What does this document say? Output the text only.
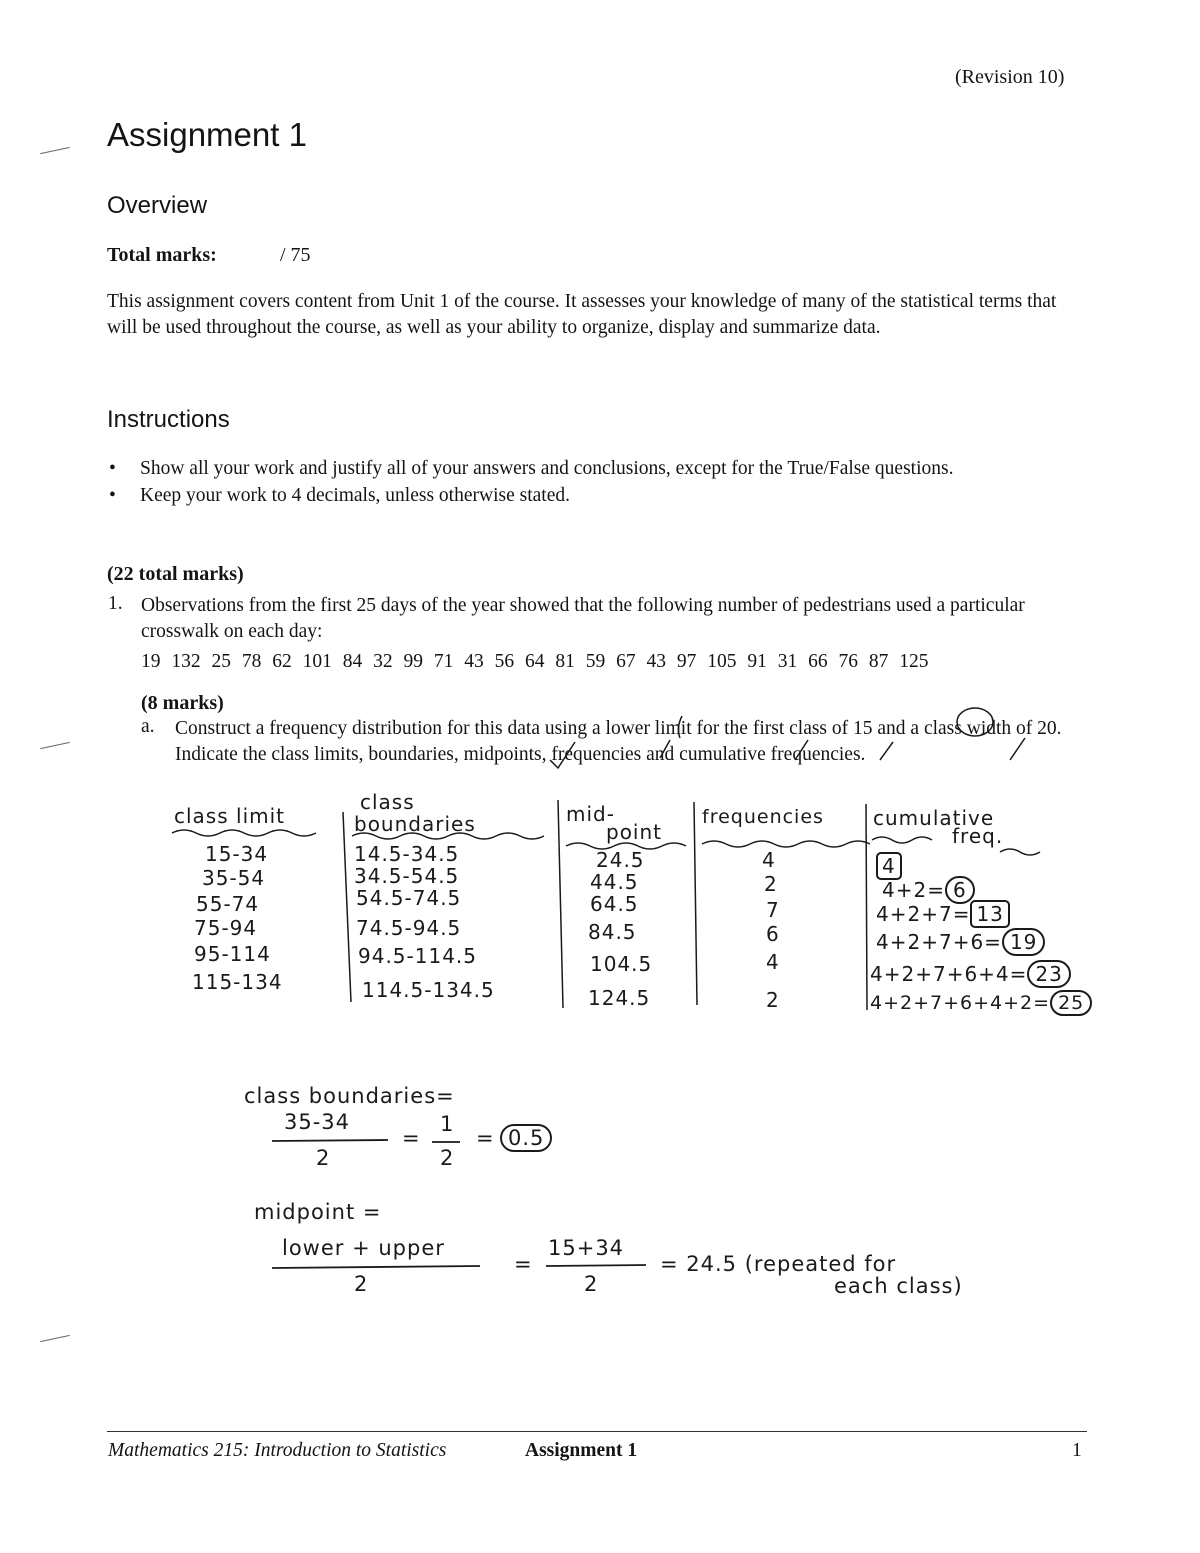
(Revision 10)
Assignment 1
Overview
Total marks:	/ 75
This assignment covers content from Unit 1 of the course. It assesses your knowledge of many of the statistical terms that will be used throughout the course, as well as your ability to organize, display and summarize data.
Instructions
• Show all your work and justify all of your answers and conclusions, except for the True/False questions.
• Keep your work to 4 decimals, unless otherwise stated.
(22 total marks)
1. Observations from the first 25 days of the year showed that the following number of pedestrians used a particular crosswalk on each day:
19 132 25 78 62 101 84 32 99 71 43 56 64 81 59 67 43 97 105 91 31 66 76 87 125
(8 marks)
a. Construct a frequency distribution for this data using a lower limit for the first class of 15 and a class width of 20. Indicate the class limits, boundaries, midpoints, frequencies and cumulative frequencies.
class limit
class
boundaries	mid-
point
frequencies cumulative
freq.
15-34	14.5-34.5	24.5	4	4
35-54	34.5-54.5	44.5	2	4+2= 6
55-74	54.5-74.5	64.5	7	4+2+7= 13
75-94	74.5-94.5	84.5	6	4+2+7+6= 19
95-114	94.5-114.5	104.5	4	4+2+7+6+4= 23
115-134	114.5-134.5	124.5	2	4+2+7+6+4+2= 25
class boundaries=
35-34
2
=
1
2
= 0.5
midpoint =
lower + upper
2
=
15+34
2
= 24.5 (repeated for
each class)
Mathematics 215: Introduction to Statistics	Assignment 1	1
